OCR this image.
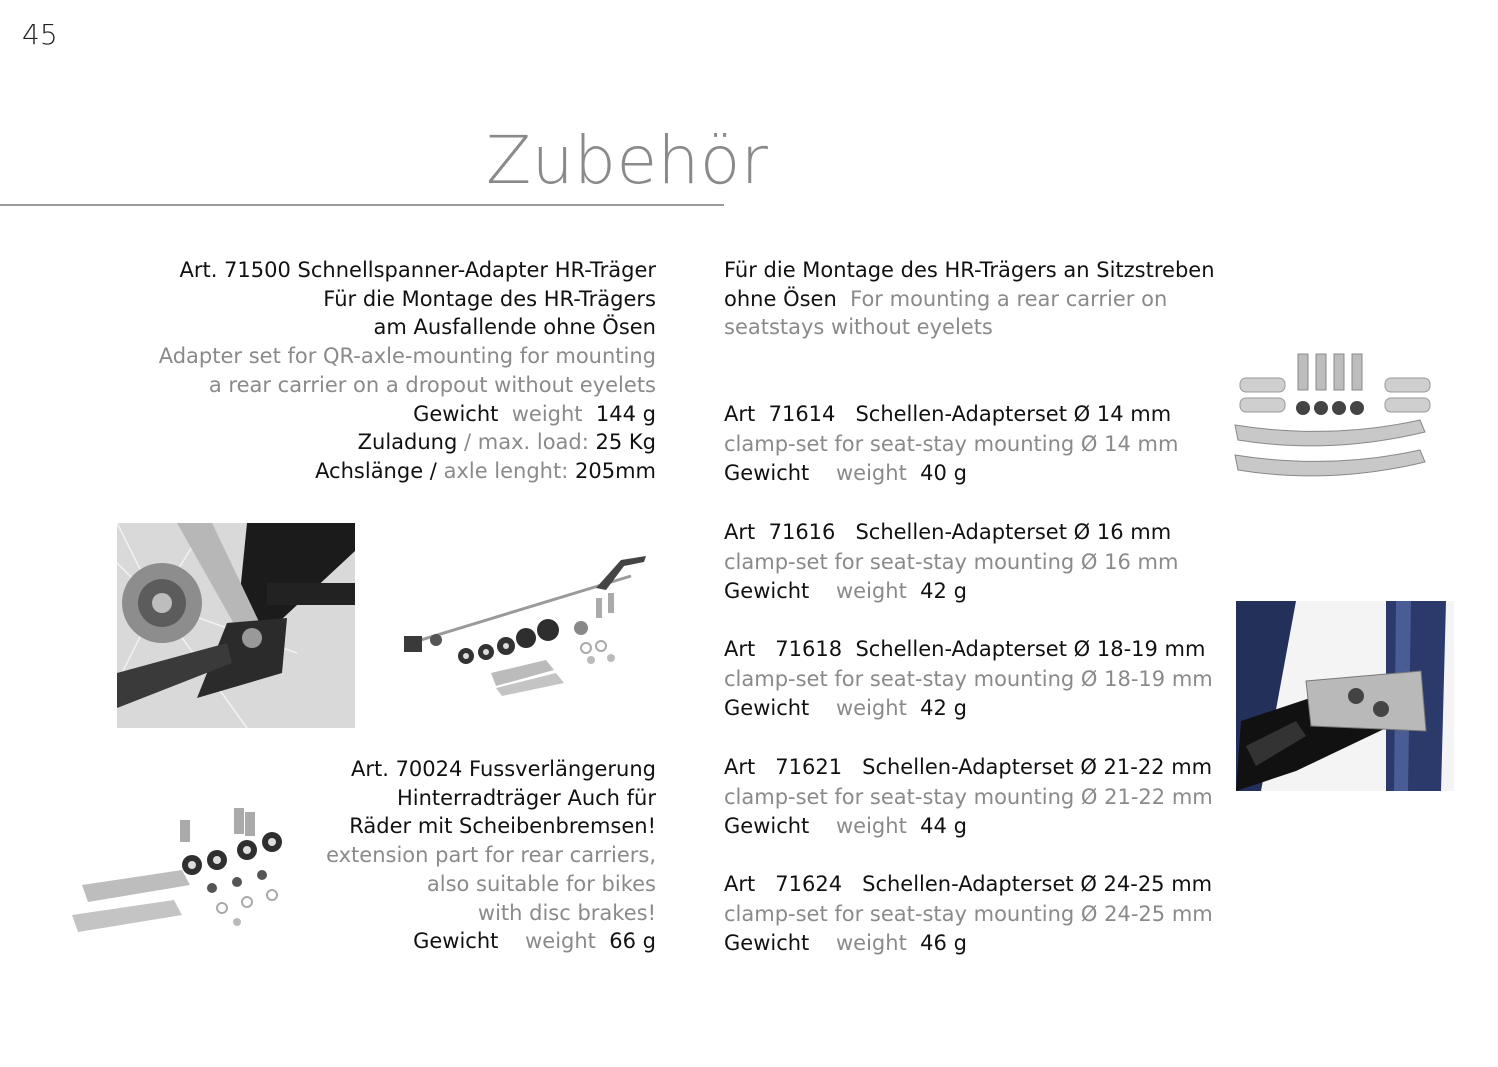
45
Zubehör
Art. 71500 Schnellspanner-Adapter HR-Träger
Für die Montage des HR-Trägers
am Ausfallende ohne Ösen
Adapter set for QR-axle-mounting for mounting
a rear carrier on a dropout without eyelets
Gewicht weight 144 g
Zuladung / max. load: 25 Kg
Achslänge / axle lenght: 205mm
Art. 70024 Fussverlängerung
Hinterradträger Auch für
Räder mit Scheibenbremsen!
extension part for rear carriers,
also suitable for bikes
with disc brakes!
Gewicht weight 66 g
Für die Montage des HR-Trägers an Sitzstreben
ohne Ösen For mounting a rear carrier on
seatstays without eyelets
Art 71614 Schellen-Adapterset Ø 14 mm
clamp-set for seat-stay mounting Ø 14 mm
Gewicht weight 40 g
Art 71616 Schellen-Adapterset Ø 16 mm
clamp-set for seat-stay mounting Ø 16 mm
Gewicht weight 42 g
Art 71618 Schellen-Adapterset Ø 18-19 mm
clamp-set for seat-stay mounting Ø 18-19 mm
Gewicht weight 42 g
Art 71621 Schellen-Adapterset Ø 21-22 mm
clamp-set for seat-stay mounting Ø 21-22 mm
Gewicht weight 44 g
Art 71624 Schellen-Adapterset Ø 24-25 mm
clamp-set for seat-stay mounting Ø 24-25 mm
Gewicht weight 46 g
